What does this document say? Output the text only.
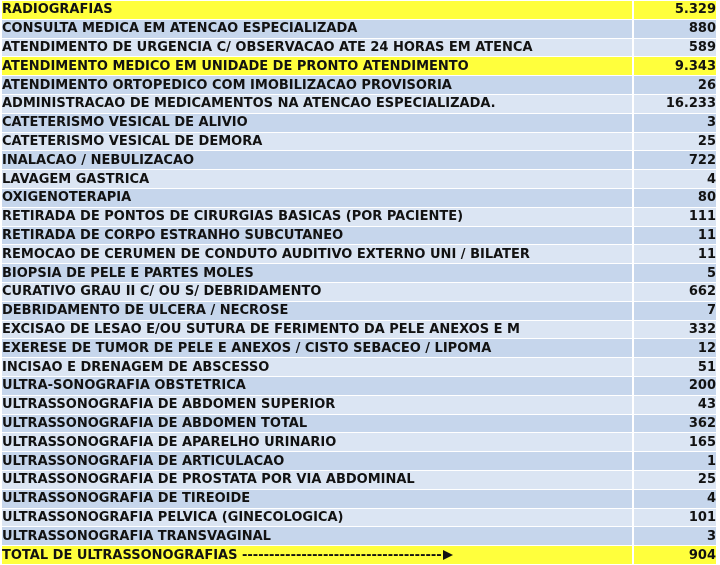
	RADIOGRAFIAS	5.329	
	CONSULTA MEDICA EM ATENCAO ESPECIALIZADA	880	
	ATENDIMENTO DE URGENCIA C/ OBSERVACAO ATE 24 HORAS EM ATENCA	589	
	ATENDIMENTO MEDICO EM UNIDADE DE PRONTO ATENDIMENTO	9.343	
	ATENDIMENTO ORTOPEDICO COM IMOBILIZACAO PROVISORIA	26	
	ADMINISTRACAO DE MEDICAMENTOS NA ATENCAO ESPECIALIZADA.	16.233	
	CATETERISMO VESICAL DE ALIVIO	3	
	CATETERISMO VESICAL DE DEMORA	25	
	INALACAO / NEBULIZACAO	722	
	LAVAGEM GASTRICA	4	
	OXIGENOTERAPIA	80	
	RETIRADA DE PONTOS DE CIRURGIAS BASICAS (POR PACIENTE)	111	
	RETIRADA DE CORPO ESTRANHO SUBCUTANEO	11	
	REMOCAO DE CERUMEN DE CONDUTO AUDITIVO EXTERNO UNI / BILATER	11	
	BIOPSIA DE PELE E PARTES MOLES	5	
	CURATIVO GRAU II C/ OU S/ DEBRIDAMENTO	662	
	DEBRIDAMENTO DE ULCERA / NECROSE	7	
	EXCISAO DE LESAO E/OU SUTURA DE FERIMENTO DA PELE ANEXOS E M	332	
	EXERESE DE TUMOR DE PELE E ANEXOS / CISTO SEBACEO / LIPOMA	12	
	INCISAO E DRENAGEM DE ABSCESSO	51	
	ULTRA-SONOGRAFIA OBSTETRICA	200	
	ULTRASSONOGRAFIA DE ABDOMEN SUPERIOR	43	
	ULTRASSONOGRAFIA DE ABDOMEN TOTAL	362	
	ULTRASSONOGRAFIA DE APARELHO URINARIO	165	
	ULTRASSONOGRAFIA DE ARTICULACAO	1	
	ULTRASSONOGRAFIA DE PROSTATA POR VIA ABDOMINAL	25	
	ULTRASSONOGRAFIA DE TIREOIDE	4	
	ULTRASSONOGRAFIA PELVICA (GINECOLOGICA)	101	
	ULTRASSONOGRAFIA TRANSVAGINAL	3	
	TOTAL DE ULTRASSONOGRAFIAS -------------------------------------	904	
